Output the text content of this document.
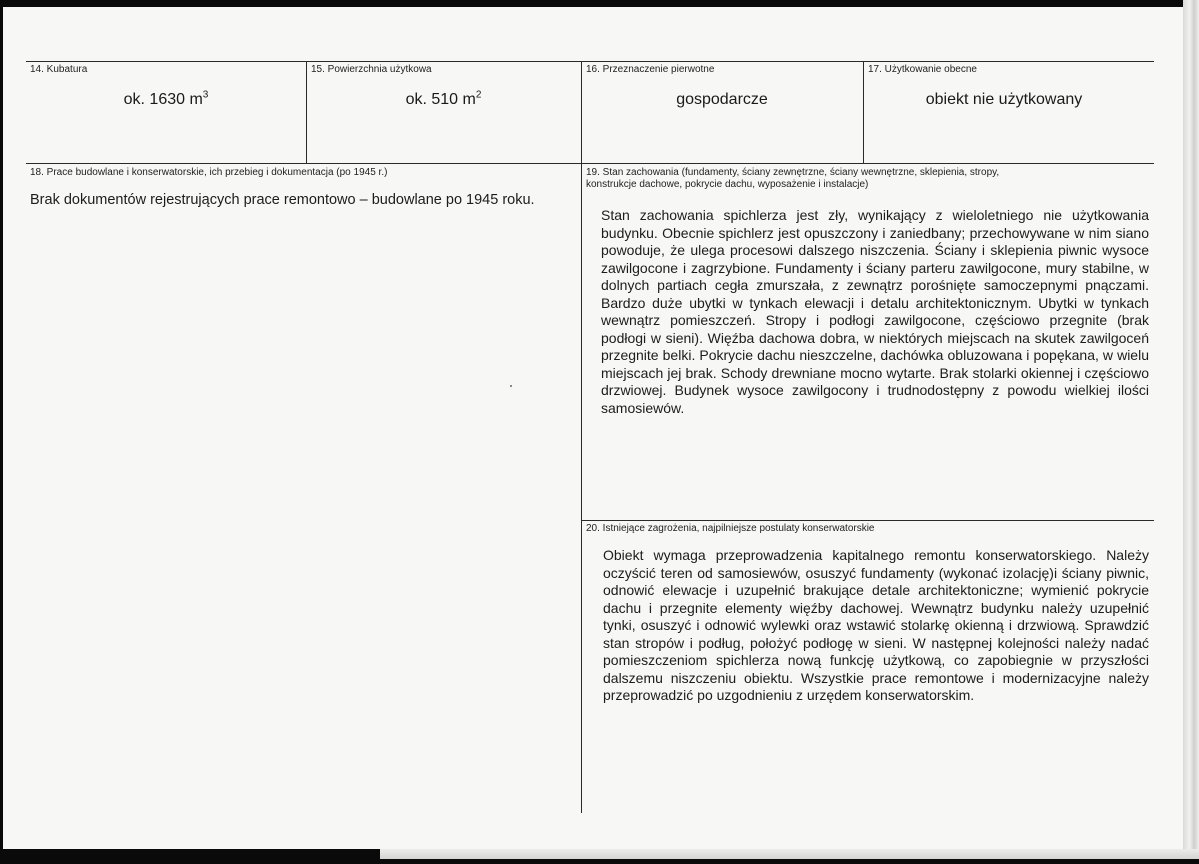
14. Kubatura
ok. 1630 $m^3$
15. Powierzchnia użytkowa
ok. 510 $m^2$
16. Przeznaczenie pierwotne
gospodarcze
17. Użytkowanie obecne
obiekt nie użytkowany
18. Prace budowlane i konserwatorskie, ich przebieg i dokumentacja (po 1945 r.)
Brak dokumentów rejestrujących prace remontowo – budowlane po 1945 roku.
19. Stan zachowania (fundamenty, ściany zewnętrzne, ściany wewnętrzne, sklepienia, stropy,
konstrukcje dachowe, pokrycie dachu, wyposażenie i instalacje)
Stan zachowania spichlerza jest zły, wynikający z wieloletniego nie użytkowania budynku. Obecnie spichlerz jest opuszczony i zaniedbany; przechowywane w nim siano powoduje, że ulega procesowi dalszego niszczenia. Ściany i sklepienia piwnic wysoce zawilgocone i zagrzybione. Fundamenty i ściany parteru zawilgocone, mury stabilne, w dolnych partiach cegła zmurszała, z zewnątrz porośnięte samoczepnymi pnączami. Bardzo duże ubytki w tynkach elewacji i detalu architektonicznym. Ubytki w tynkach wewnątrz pomieszczeń. Stropy i podłogi zawilgocone, częściowo przegnite (brak podłogi w sieni). Więźba dachowa dobra, w niektórych miejscach na skutek zawilgoceń przegnite belki. Pokrycie dachu nieszczelne, dachówka obluzowana i popękana, w wielu miejscach jej brak. Schody drewniane mocno wytarte. Brak stolarki okiennej i częściowo drzwiowej. Budynek wysoce zawilgocony i trudnodostępny z powodu wielkiej ilości samosiewów.
20. Istniejące zagrożenia, najpilniejsze postulaty konserwatorskie
Obiekt wymaga przeprowadzenia kapitalnego remontu konserwatorskiego. Należy oczyścić teren od samosiewów, osuszyć fundamenty (wykonać izolację)i ściany piwnic, odnowić elewacje i uzupełnić brakujące detale architektoniczne; wymienić pokrycie dachu i przegnite elementy więźby dachowej. Wewnątrz budynku należy uzupełnić tynki, osuszyć i odnowić wylewki oraz wstawić stolarkę okienną i drzwiową. Sprawdzić stan stropów i podług, położyć podłogę w sieni. W następnej kolejności należy nadać pomieszczeniom spichlerza nową funkcję użytkową, co zapobiegnie w przyszłości dalszemu niszczeniu obiektu. Wszystkie prace remontowe i modernizacyjne należy przeprowadzić po uzgodnieniu z urzędem konserwatorskim.
